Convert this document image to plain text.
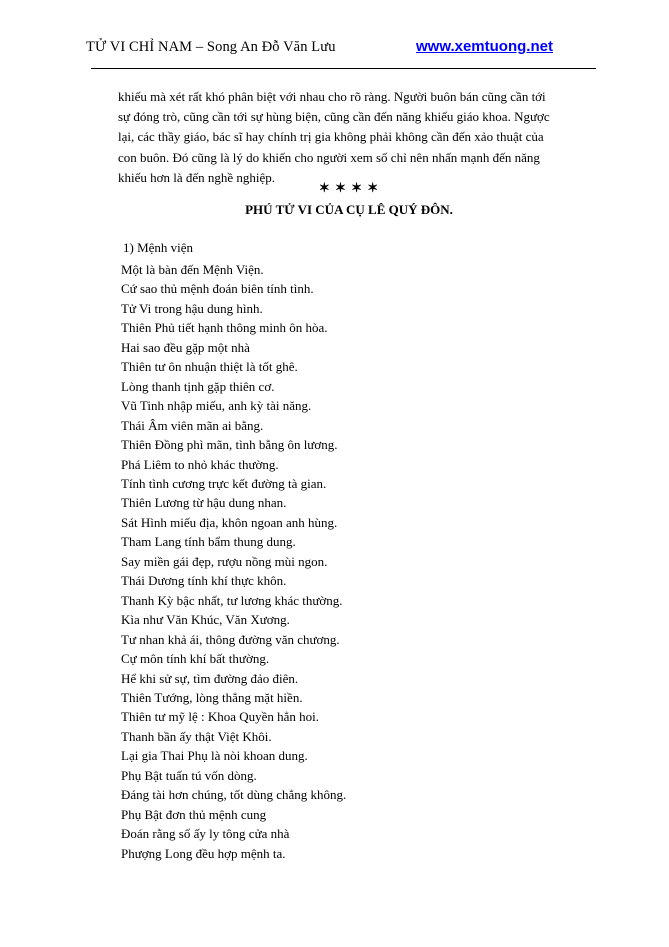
TỬ VI CHỈ NAM – Song An Đỗ Văn Lưu	www.xemtuong.net

khiếu mà xét rất khó phân biệt với nhau cho rõ ràng. Người buôn bán cũng cần tới

sự đóng trò, cũng cần tới sự hùng biện, cũng cần đến năng khiếu giáo khoa. Ngược

lại, các thầy giáo, bác sĩ hay chính trị gia không phải không cần đến xảo thuật của

con buôn. Đó cũng là lý do khiến cho người xem số chỉ nên nhấn mạnh đến năng

khiếu hơn là đến nghề nghiệp.

✶ ✶ ✶ ✶
PHÚ TỬ VI CỦA CỤ LÊ QUÝ ĐÔN.
1) Mệnh viện
Một là bàn đến Mệnh Viện.
Cứ sao thủ mệnh đoán biên tính tình.
Tử Vi trong hậu dung hình.
Thiên Phủ tiết hạnh thông minh ôn hòa.
Hai sao đều gặp một nhà
Thiên tư ôn nhuận thiệt là tốt ghê.
Lòng thanh tịnh gặp thiên cơ.
Vũ Tinh nhập miếu, anh kỳ tài năng.
Thái Âm viên mãn ai bằng.
Thiên Đồng phì mãn, tình bằng ôn lương.
Phá Liêm to nhỏ khác thường.
Tính tình cương trực kết đường tà gian.
Thiên Lương từ hậu dung nhan.
Sát Hình miếu địa, khôn ngoan anh hùng.
Tham Lang tính bẩm thung dung.
Say miền gái đẹp, rượu nồng mùi ngon.
Thái Dương tính khí thực khôn.
Thanh Kỳ bậc nhất, tư lương khác thường.
Kìa như Văn Khúc, Văn Xương.
Tư nhan khả ái, thông đường văn chương.
Cự môn tính khí bất thường.
Hể khi sử sự, tìm đường đảo điên.
Thiên Tướng, lòng thẳng mặt hiền.
Thiên tư mỹ lệ : Khoa Quyền hẳn hoi.
Thanh bần ấy thật Việt Khôi.
Lại gia Thai Phụ là nòi khoan dung.
Phụ Bật tuấn tú vốn dòng.
Đáng tài hơn chúng, tốt dùng chẳng không.
Phụ Bật đơn thủ mệnh cung
Đoán rằng số ấy ly tông cửa nhà
Phượng Long đều hợp mệnh ta.
